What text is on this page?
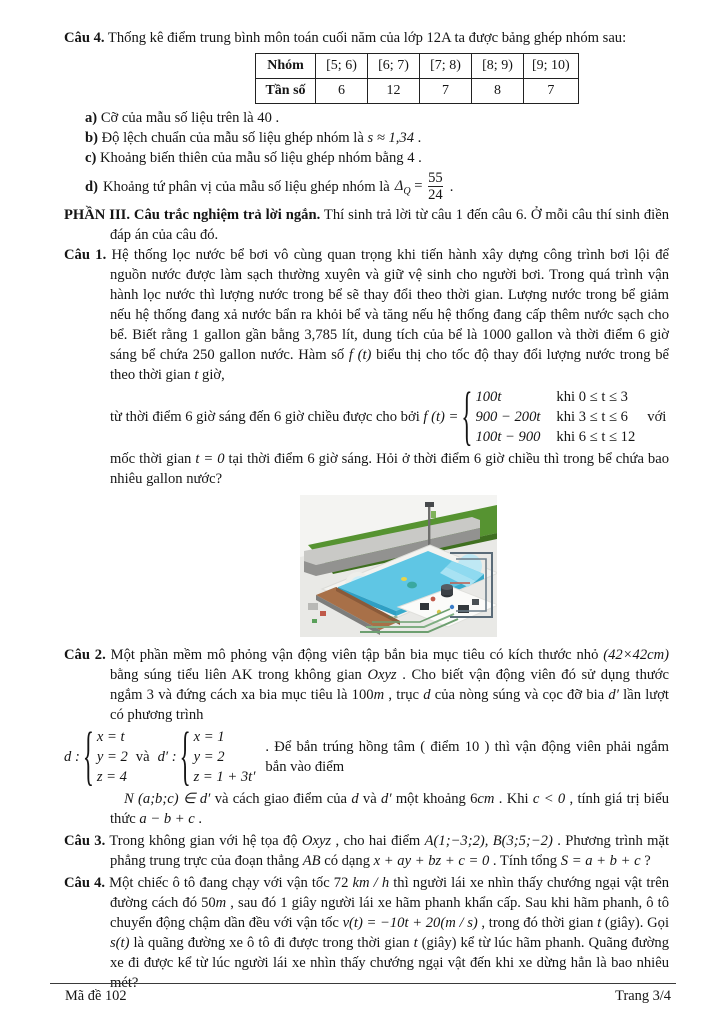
Câu 4. Thống kê điểm trung bình môn toán cuối năm của lớp 12A ta được bảng ghép nhóm sau:
Nhóm	[5; 6)	[6; 7)	[7; 8)	[8; 9)	[9; 10)
Tần số	6	12	7	8	7
a) Cỡ của mẫu số liệu trên là 40 .
b) Độ lệch chuẩn của mẫu số liệu ghép nhóm là s ≈ 1,34 .
c) Khoảng biến thiên của mẫu số liệu ghép nhóm bằng 4 .
d) Khoảng tứ phân vị của mẫu số liệu ghép nhóm là $\Delta_Q = \frac{55}{24}$ .
PHẦN III. Câu trắc nghiệm trả lời ngắn. Thí sinh trả lời từ câu 1 đến câu 6. Ở mỗi câu thí sinh điền đáp án của câu đó.
Câu 1. Hệ thống lọc nước bể bơi vô cùng quan trọng khi tiến hành xây dựng công trình bơi lội để nguồn nước được làm sạch thường xuyên và giữ vệ sinh cho người bơi. Trong quá trình vận hành lọc nước thì lượng nước trong bể sẽ thay đổi theo thời gian. Lượng nước trong bể giảm nếu hệ thống đang xả nước bẩn ra khỏi bể và tăng nếu hệ thống đang cấp thêm nước sạch cho bể. Biết rằng 1 gallon gần bằng 3,785 lít, dung tích của bể là 1000 gallon và thời điểm 6 giờ sáng bể chứa 250 gallon nước. Hàm số f (t) biểu thị cho tốc độ thay đổi lượng nước trong bể theo thời gian t giờ,
từ thời điểm 6 giờ sáng đến 6 giờ chiều được cho bởi f (t) = { 100t	khi 0 ≤ t ≤ 3
900 − 200t khi 3 ≤ t ≤ 6
100t − 900 khi 6 ≤ t ≤ 12
với
mốc thời gian t = 0 tại thời điểm 6 giờ sáng. Hỏi ở thời điểm 6 giờ chiều thì trong bể chứa bao nhiêu gallon nước?
≈≈
Câu 2. Một phần mềm mô phỏng vận động viên tập bắn bia mục tiêu có kích thước nhỏ (42×42cm) bằng súng tiểu liên AK trong không gian Oxyz . Cho biết vận động viên đó sử dụng thước ngắm 3 và đứng cách xa bia mục tiêu là 100m , trục d của nòng súng và cọc đỡ bia d′ lần lượt có phương trình
d : { x = t
y = 2
z = 4
và d′ : { x = 1
y = 2
z = 1 + 3t′
. Để bắn trúng hồng tâm ( điểm 10 ) thì vận động viên phải ngắm bắn vào điểm
N (a;b;c) ∈ d′ và cách giao điểm của d và d′ một khoảng 6cm . Khi c < 0 , tính giá trị biểu thức a − b + c .
Câu 3. Trong không gian với hệ tọa độ Oxyz , cho hai điểm A(1;−3;2), B(3;5;−2) . Phương trình mặt phẳng trung trực của đoạn thẳng AB có dạng x + ay + bz + c = 0 . Tính tổng S = a + b + c ?
Câu 4. Một chiếc ô tô đang chạy với vận tốc 72 km / h thì người lái xe nhìn thấy chướng ngại vật trên đường cách đó 50m , sau đó 1 giây người lái xe hãm phanh khẩn cấp. Sau khi hãm phanh, ô tô chuyển động chậm dần đều với vận tốc v(t) = −10t + 20(m / s) , trong đó thời gian t (giây). Gọi s(t) là quãng đường xe ô tô đi được trong thời gian t (giây) kể từ lúc hãm phanh. Quãng đường xe đi được kể từ lúc người lái xe nhìn thấy chướng ngại vật đến khi xe dừng hẳn là bao nhiêu mét?
Mã đề 102	Trang 3/4
